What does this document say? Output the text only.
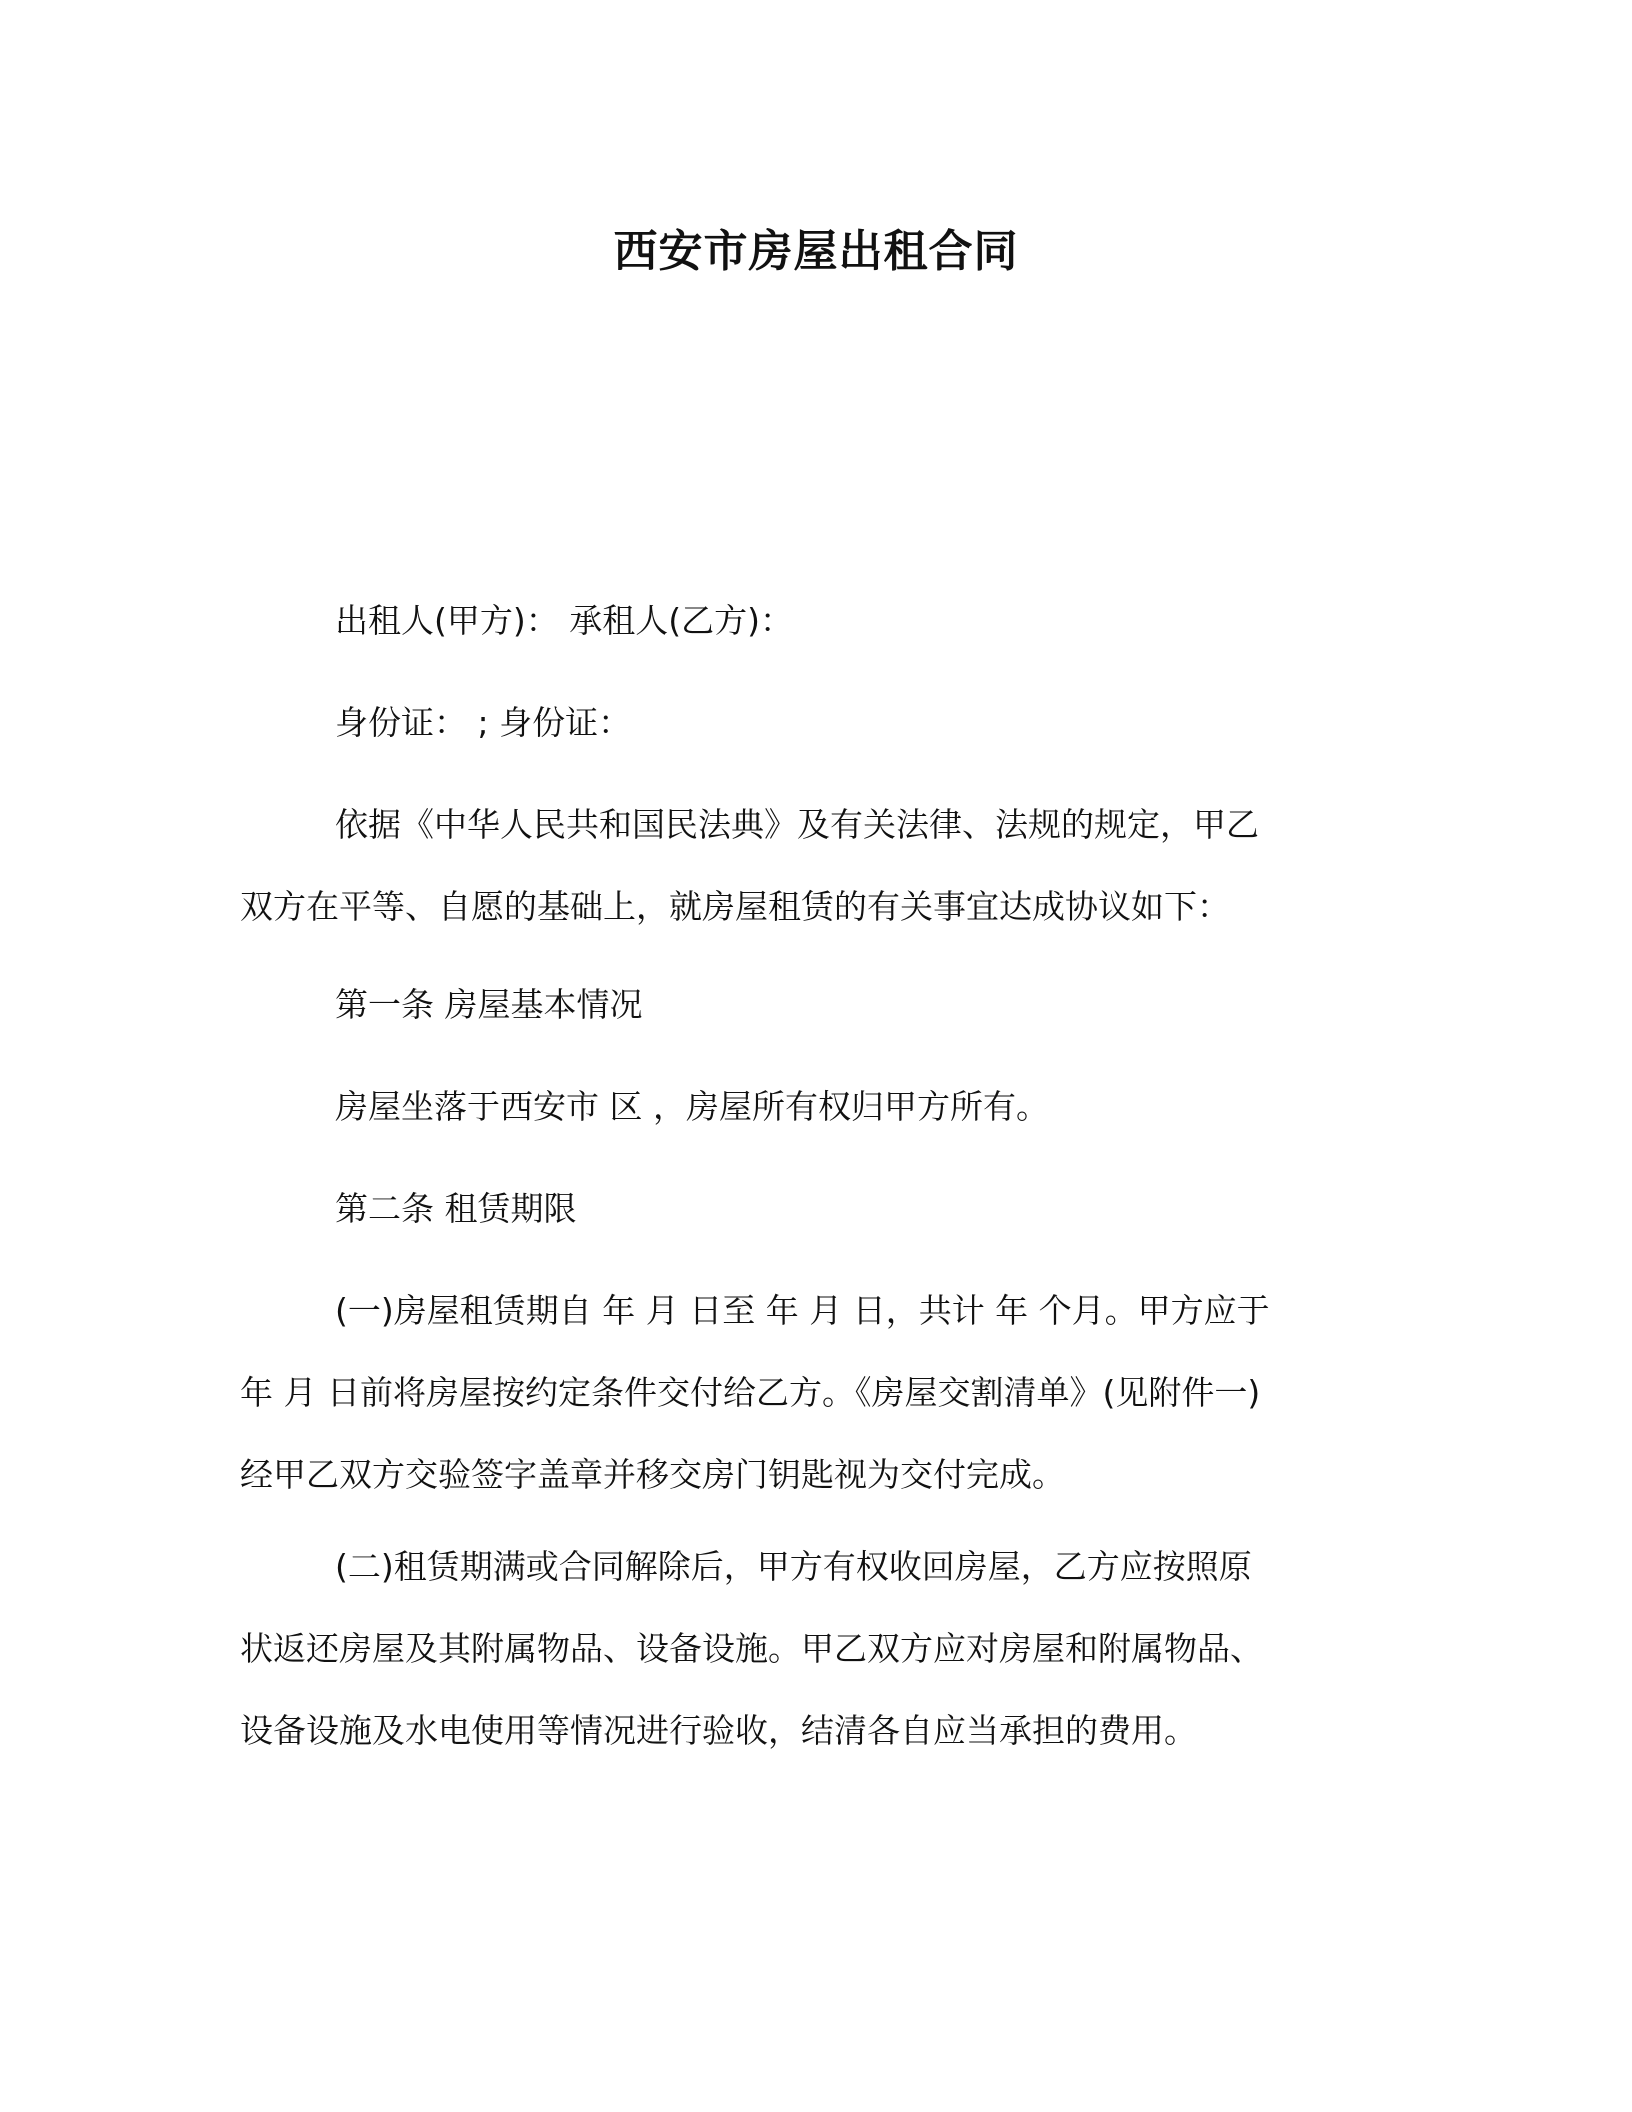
西安市房屋出租合同
出租人(甲方)： 承租人(乙方)：
身份证： ; 身份证：
依据《中华人民共和国民法典》及有关法律、法规的规定，甲乙
双方在平等、自愿的基础上，就房屋租赁的有关事宜达成协议如下：
第一条 房屋基本情况
房屋坐落于西安市 区 ，房屋所有权归甲方所有。
第二条 租赁期限
(一)房屋租赁期自 年 月 日至 年 月 日，共计 年 个月。甲方应于
年 月 日前将房屋按约定条件交付给乙方。《房屋交割清单》(见附件一)
经甲乙双方交验签字盖章并移交房门钥匙视为交付完成。
(二)租赁期满或合同解除后，甲方有权收回房屋，乙方应按照原
状返还房屋及其附属物品、设备设施。甲乙双方应对房屋和附属物品、
设备设施及水电使用等情况进行验收，结清各自应当承担的费用。
